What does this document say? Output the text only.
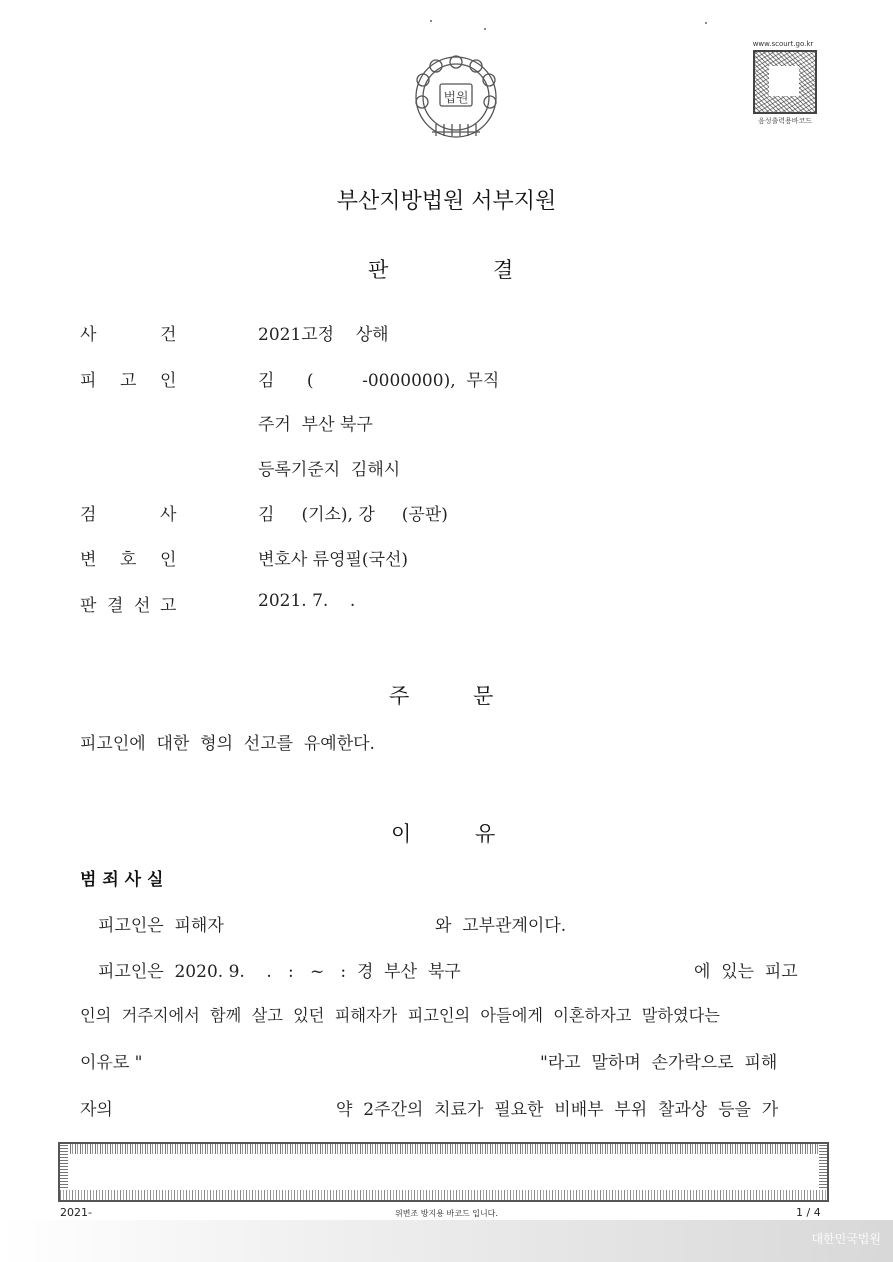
법원
www.scourt.go.kr
음성출력용바코드
부산지방법원 서부지원
판	결
사	건	2021고정    상해
피 고 인	김      (         -0000000),  무직
주거  부산 북구
등록기준지  김해시
검	사	김     (기소), 강     (공판)
변 호 인	변호사 류영필(국선)
판 결 선 고	2021. 7.    .
주	문
피고인에  대한  형의  선고를  유예한다.
이	유
범 죄 사 실
피고인은  피해자	와  고부관계이다.
피고인은  2020. 9.    .   :   ~   :  경  부산  북구	에  있는  피고
인의  거주지에서  함께  살고  있던  피해자가  피고인의  아들에게  이혼하자고  말하였다는
이유로 "	"라고  말하며  손가락으로  피해
자의	약  2주간의  치료가  필요한  비배부  부위  찰과상  등을  가
2021-	위변조 방지용 바코드 입니다.	1 / 4
대한민국법원
